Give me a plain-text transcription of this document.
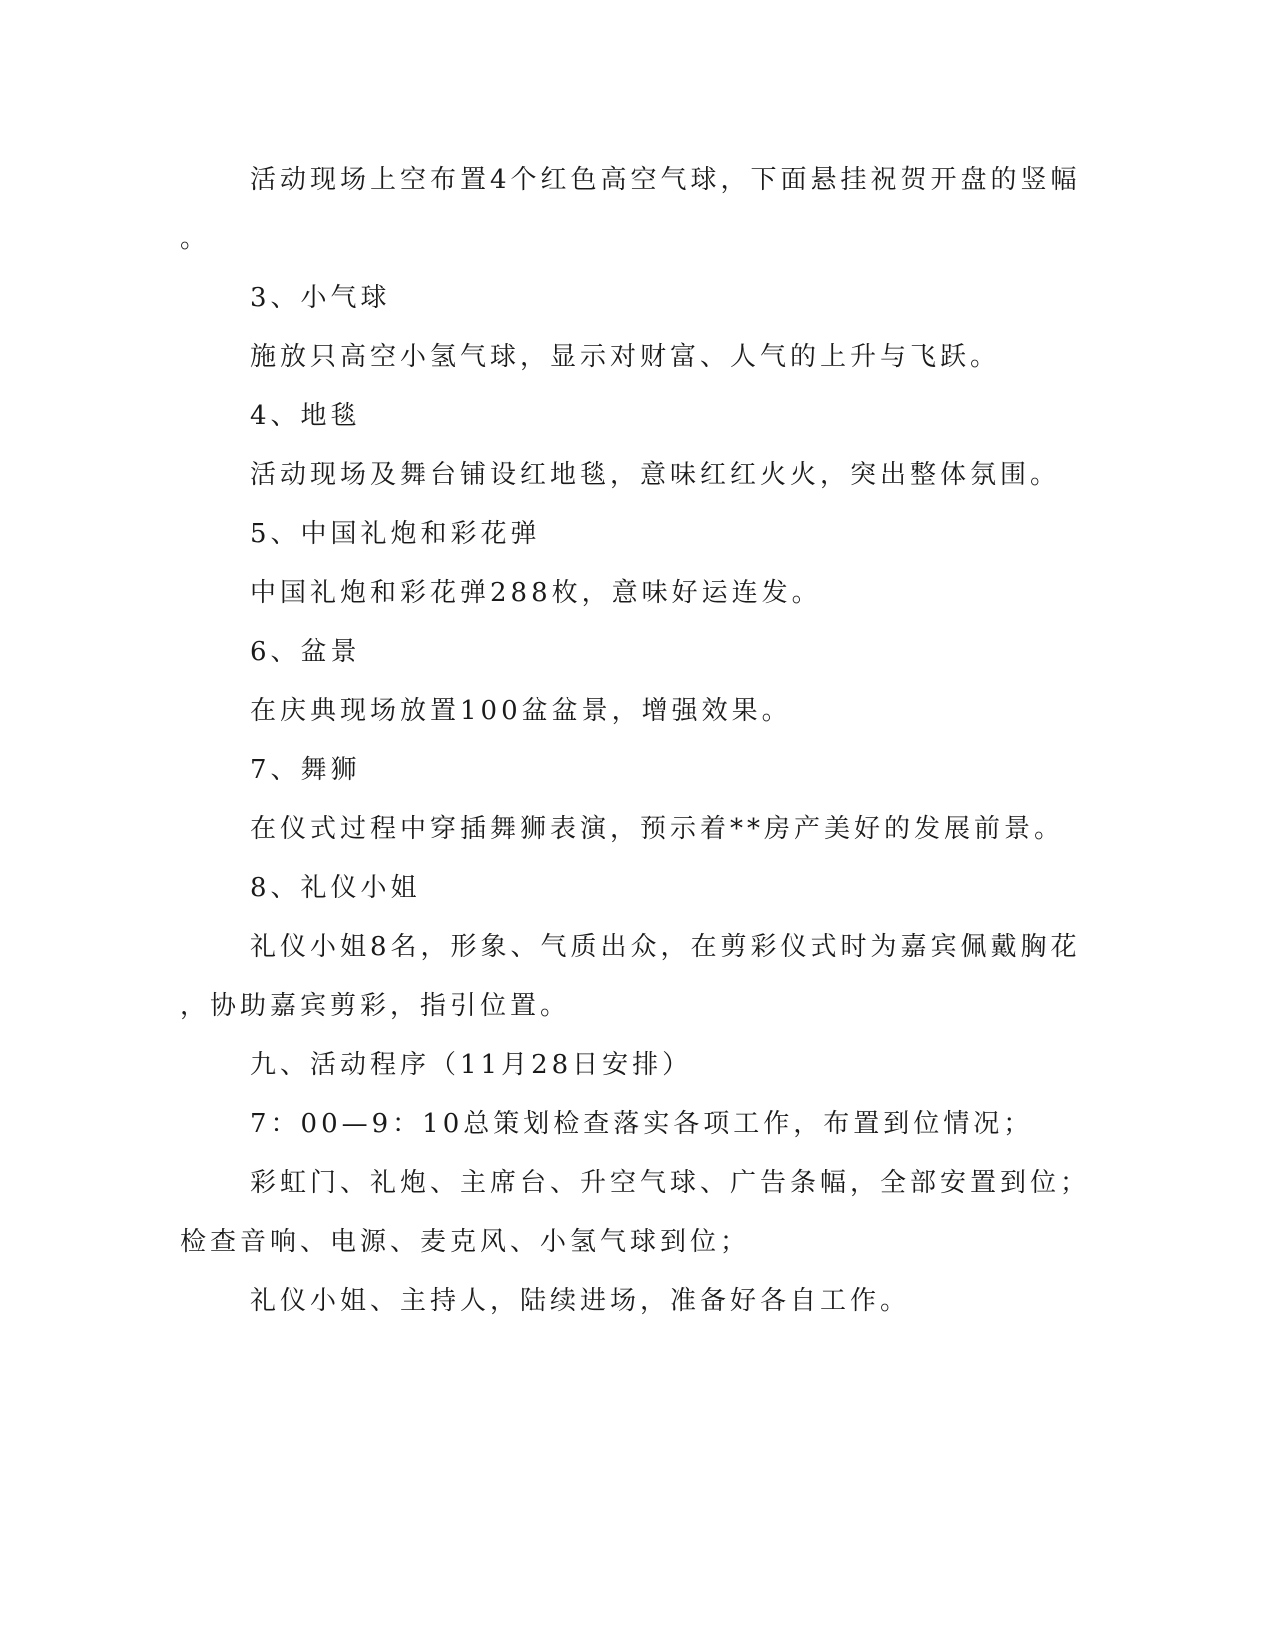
活动现场上空布置4个红色高空气球，下面悬挂祝贺开盘的竖幅
。
3、小气球
施放只高空小氢气球，显示对财富、人气的上升与飞跃。
4、地毯
活动现场及舞台铺设红地毯，意味红红火火，突出整体氛围。
5、中国礼炮和彩花弹
中国礼炮和彩花弹288枚，意味好运连发。
6、盆景
在庆典现场放置100盆盆景，增强效果。
7、舞狮
在仪式过程中穿插舞狮表演，预示着**房产美好的发展前景。
8、礼仪小姐
礼仪小姐8名，形象、气质出众，在剪彩仪式时为嘉宾佩戴胸花
，协助嘉宾剪彩，指引位置。
九、活动程序（11月28日安排）
7：00—9：10总策划检查落实各项工作，布置到位情况；
彩虹门、礼炮、主席台、升空气球、广告条幅，全部安置到位；
检查音响、电源、麦克风、小氢气球到位；
礼仪小姐、主持人，陆续进场，准备好各自工作。
